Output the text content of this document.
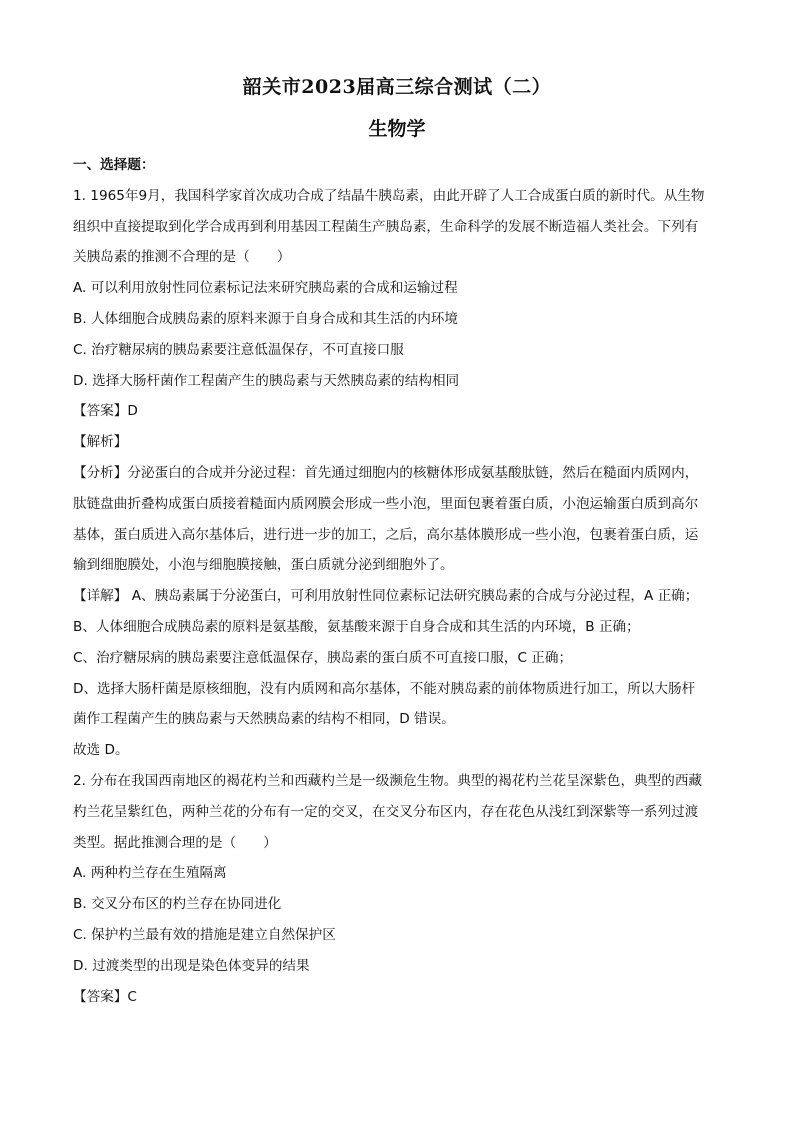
韶关市2023届高三综合测试（二）
生物学
一、选择题：
1. 1965年9月，我国科学家首次成功合成了结晶牛胰岛素，由此开辟了人工合成蛋白质的新时代。从生物
组织中直接提取到化学合成再到利用基因工程菌生产胰岛素，生命科学的发展不断造福人类社会。下列有
关胰岛素的推测不合理的是（　　）
A. 可以利用放射性同位素标记法来研究胰岛素的合成和运输过程
B. 人体细胞合成胰岛素的原料来源于自身合成和其生活的内环境
C. 治疗糖尿病的胰岛素要注意低温保存，不可直接口服
D. 选择大肠杆菌作工程菌产生的胰岛素与天然胰岛素的结构相同
【答案】D
【解析】
【分析】分泌蛋白的合成并分泌过程：首先通过细胞内的核糖体形成氨基酸肽链，然后在糙面内质网内，
肽链盘曲折叠构成蛋白质接着糙面内质网膜会形成一些小泡，里面包裹着蛋白质，小泡运输蛋白质到高尔
基体，蛋白质进入高尔基体后，进行进一步的加工，之后，高尔基体膜形成一些小泡，包裹着蛋白质，运
输到细胞膜处，小泡与细胞膜接触，蛋白质就分泌到细胞外了。
【详解】 A、胰岛素属于分泌蛋白，可利用放射性同位素标记法研究胰岛素的合成与分泌过程，A 正确；
B、人体细胞合成胰岛素的原料是氨基酸，氨基酸来源于自身合成和其生活的内环境，B 正确；
C、治疗糖尿病的胰岛素要注意低温保存，胰岛素的蛋白质不可直接口服，C 正确；
D、选择大肠杆菌是原核细胞，没有内质网和高尔基体，不能对胰岛素的前体物质进行加工，所以大肠杆
菌作工程菌产生的胰岛素与天然胰岛素的结构不相同，D 错误。
故选 D。
2. 分布在我国西南地区的褐花杓兰和西藏杓兰是一级濒危生物。典型的褐花杓兰花呈深紫色，典型的西藏
杓兰花呈紫红色，两种兰花的分布有一定的交叉，在交叉分布区内，存在花色从浅红到深紫等一系列过渡
类型。据此推测合理的是（　　）
A. 两种杓兰存在生殖隔离
B. 交叉分布区的杓兰存在协同进化
C. 保护杓兰最有效的措施是建立自然保护区
D. 过渡类型的出现是染色体变异的结果
【答案】C
